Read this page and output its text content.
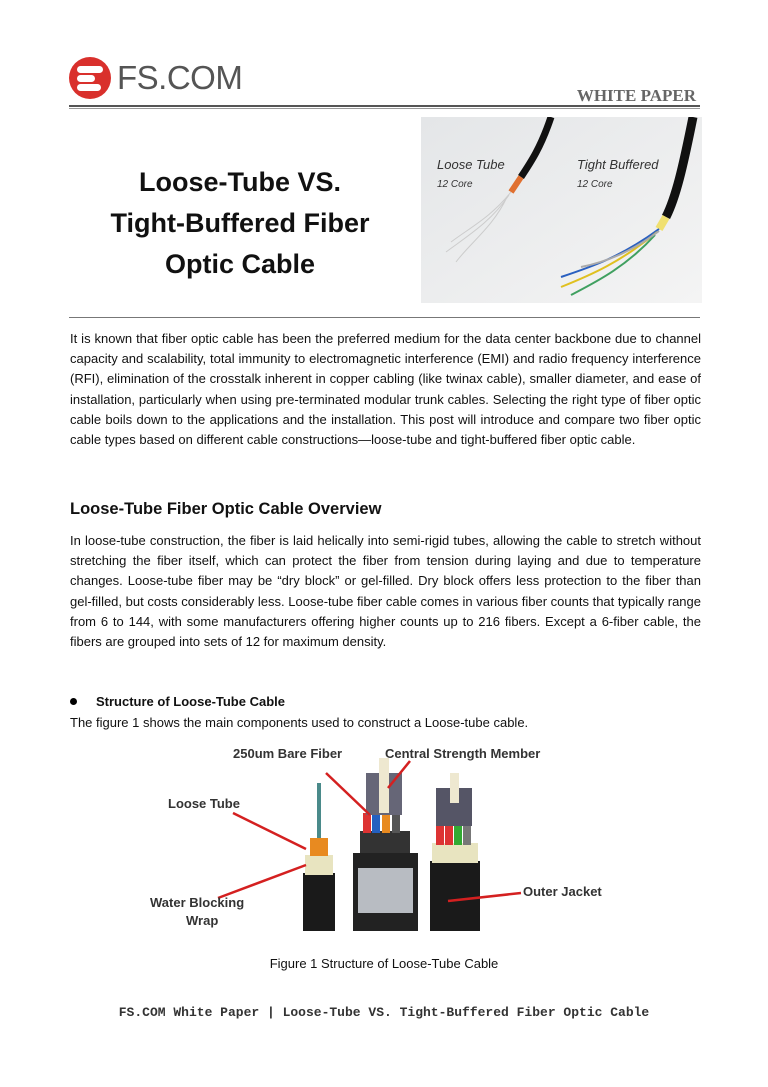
FS.COM	WHITE PAPER
Loose-Tube VS.
Tight-Buffered Fiber
Optic Cable
Loose Tube
12 Core
Tight Buffered
12 Core
It is known that fiber optic cable has been the preferred medium for the data center backbone due to channel capacity and scalability, total immunity to electromagnetic interference (EMI) and radio frequency interference (RFI), elimination of the crosstalk inherent in copper cabling (like twinax cable), smaller diameter, and ease of installation, particularly when using pre-terminated modular trunk cables. Selecting the right type of fiber optic cable boils down to the applications and the installation. This post will introduce and compare two fiber optic cable types based on different cable constructions—loose-tube and tight-buffered fiber optic cable.
Loose-Tube Fiber Optic Cable Overview
In loose-tube construction, the fiber is laid helically into semi-rigid tubes, allowing the cable to stretch without stretching the fiber itself, which can protect the fiber from tension during laying and due to temperature changes. Loose-tube fiber may be “dry block” or gel-filled. Dry block offers less protection to the fiber than gel-filled, but costs considerably less. Loose-tube fiber cable comes in various fiber counts that typically range from 6 to 144, with some manufacturers offering higher counts up to 216 fibers. Except a 6-fiber cable, the fibers are grouped into sets of 12 for maximum density.
Structure of Loose-Tube Cable
The figure 1 shows the main components used to construct a Loose-tube cable.
250um Bare Fiber	Central Strength Member
Loose Tube
Water Blocking
Wrap
Outer Jacket
Figure 1 Structure of Loose-Tube Cable
FS.COM White Paper | Loose-Tube VS. Tight-Buffered Fiber Optic Cable
